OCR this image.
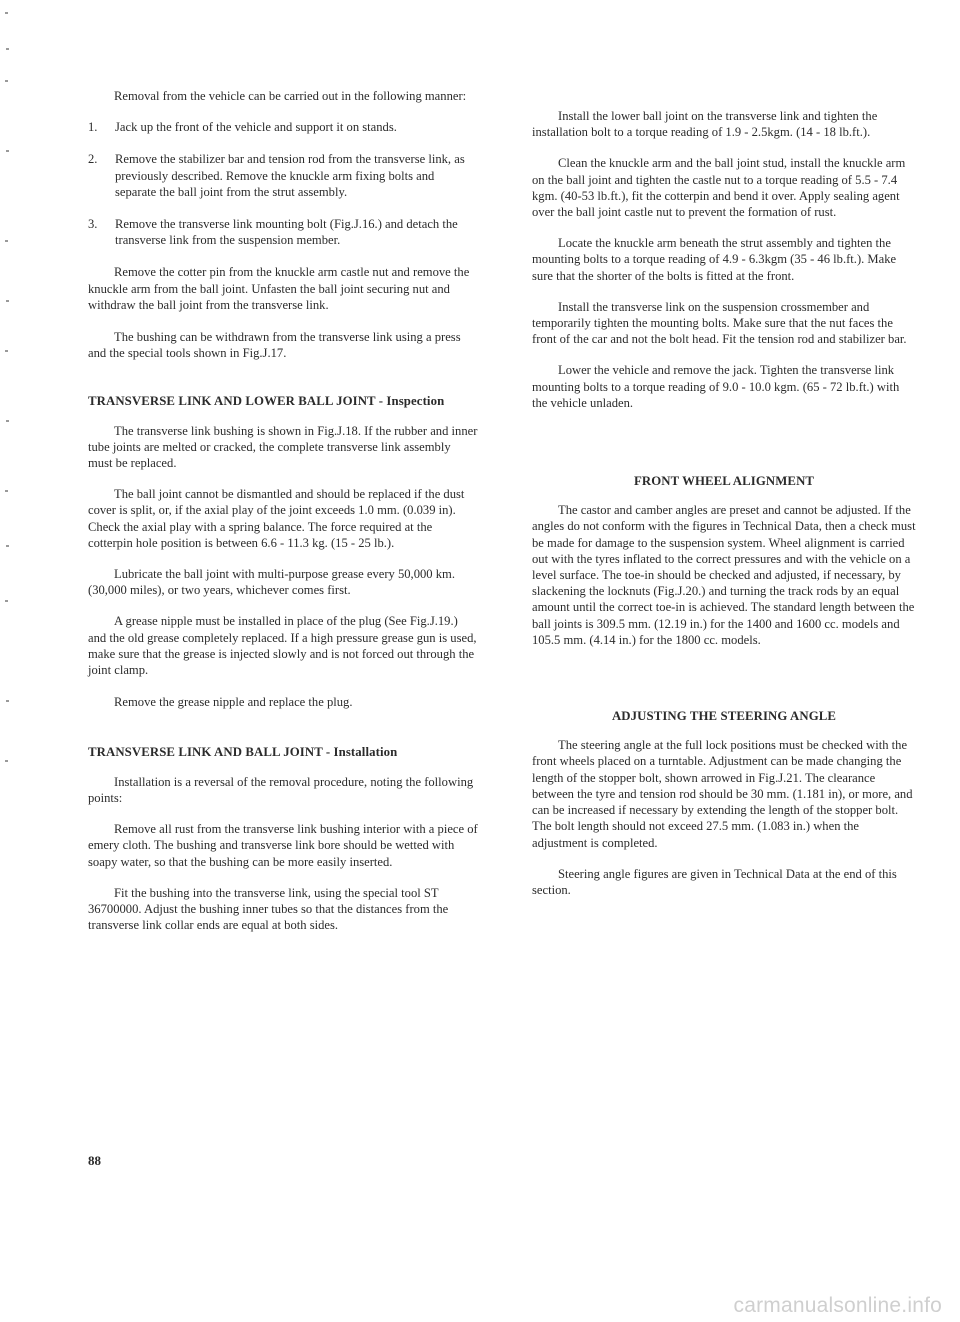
Removal from the vehicle can be carried out in the following manner:

1.	Jack up the front of the vehicle and support it on stands.
2.	Remove the stabilizer bar and tension rod from the transverse link, as previously described. Remove the knuckle arm fixing bolts and separate the ball joint from the strut assembly.
3.	Remove the transverse link mounting bolt (Fig.J.16.) and detach the transverse link from the suspension member.

Remove the cotter pin from the knuckle arm castle nut and remove the knuckle arm from the ball joint. Unfasten the ball joint securing nut and withdraw the ball joint from the transverse link.

The bushing can be withdrawn from the transverse link using a press and the special tools shown in Fig.J.17.

TRANSVERSE LINK AND LOWER BALL JOINT - Inspection

The transverse link bushing is shown in Fig.J.18. If the rubber and inner tube joints are melted or cracked, the complete transverse link assembly must be replaced.

The ball joint cannot be dismantled and should be replaced if the dust cover is split, or, if the axial play of the joint exceeds 1.0 mm. (0.039 in). Check the axial play with a spring balance. The force required at the cotterpin hole position is between 6.6 - 11.3 kg. (15 - 25 lb.).

Lubricate the ball joint with multi-purpose grease every 50,000 km. (30,000 miles), or two years, whichever comes first.

A grease nipple must be installed in place of the plug (See Fig.J.19.) and the old grease completely replaced. If a high pressure grease gun is used, make sure that the grease is injected slowly and is not forced out through the joint clamp.

Remove the grease nipple and replace the plug.

TRANSVERSE LINK AND BALL JOINT - Installation

Installation is a reversal of the removal procedure, noting the following points:

Remove all rust from the transverse link bushing interior with a piece of emery cloth. The bushing and transverse link bore should be wetted with soapy water, so that the bushing can be more easily inserted.

Fit the bushing into the transverse link, using the special tool ST 36700000. Adjust the bushing inner tubes so that the distances from the transverse link collar ends are equal at both sides.

Install the lower ball joint on the transverse link and tighten the installation bolt to a torque reading of 1.9 - 2.5kgm. (14 - 18 lb.ft.).

Clean the knuckle arm and the ball joint stud, install the knuckle arm on the ball joint and tighten the castle nut to a torque reading of 5.5 - 7.4 kgm. (40-53 lb.ft.), fit the cotterpin and bend it over. Apply sealing agent over the ball joint castle nut to prevent the formation of rust.

Locate the knuckle arm beneath the strut assembly and tighten the mounting bolts to a torque reading of 4.9 - 6.3kgm (35 - 46 lb.ft.). Make sure that the shorter of the bolts is fitted at the front.

Install the transverse link on the suspension crossmember and temporarily tighten the mounting bolts. Make sure that the nut faces the front of the car and not the bolt head. Fit the tension rod and stabilizer bar.

Lower the vehicle and remove the jack. Tighten the transverse link mounting bolts to a torque reading of 9.0 - 10.0 kgm. (65 - 72 lb.ft.) with the vehicle unladen.

FRONT WHEEL ALIGNMENT

The castor and camber angles are preset and cannot be adjusted. If the angles do not conform with the figures in Technical Data, then a check must be made for damage to the suspension system. Wheel alignment is carried out with the tyres inflated to the correct pressures and with the vehicle on a level surface. The toe-in should be checked and adjusted, if necessary, by slackening the locknuts (Fig.J.20.) and turning the track rods by an equal amount until the correct toe-in is achieved. The standard length between the ball joints is 309.5 mm. (12.19 in.) for the 1400 and 1600 cc. models and 105.5 mm. (4.14 in.) for the 1800 cc. models.

ADJUSTING THE STEERING ANGLE

The steering angle at the full lock positions must be checked with the front wheels placed on a turntable. Adjustment can be made changing the length of the stopper bolt, shown arrowed in Fig.J.21. The clearance between the tyre and tension rod should be 30 mm. (1.181 in), or more, and can be increased if necessary by extending the length of the stopper bolt. The bolt length should not exceed 27.5 mm. (1.083 in.) when the adjustment is completed.

Steering angle figures are given in Technical Data at the end of this section.

88
carmanualsonline.info
